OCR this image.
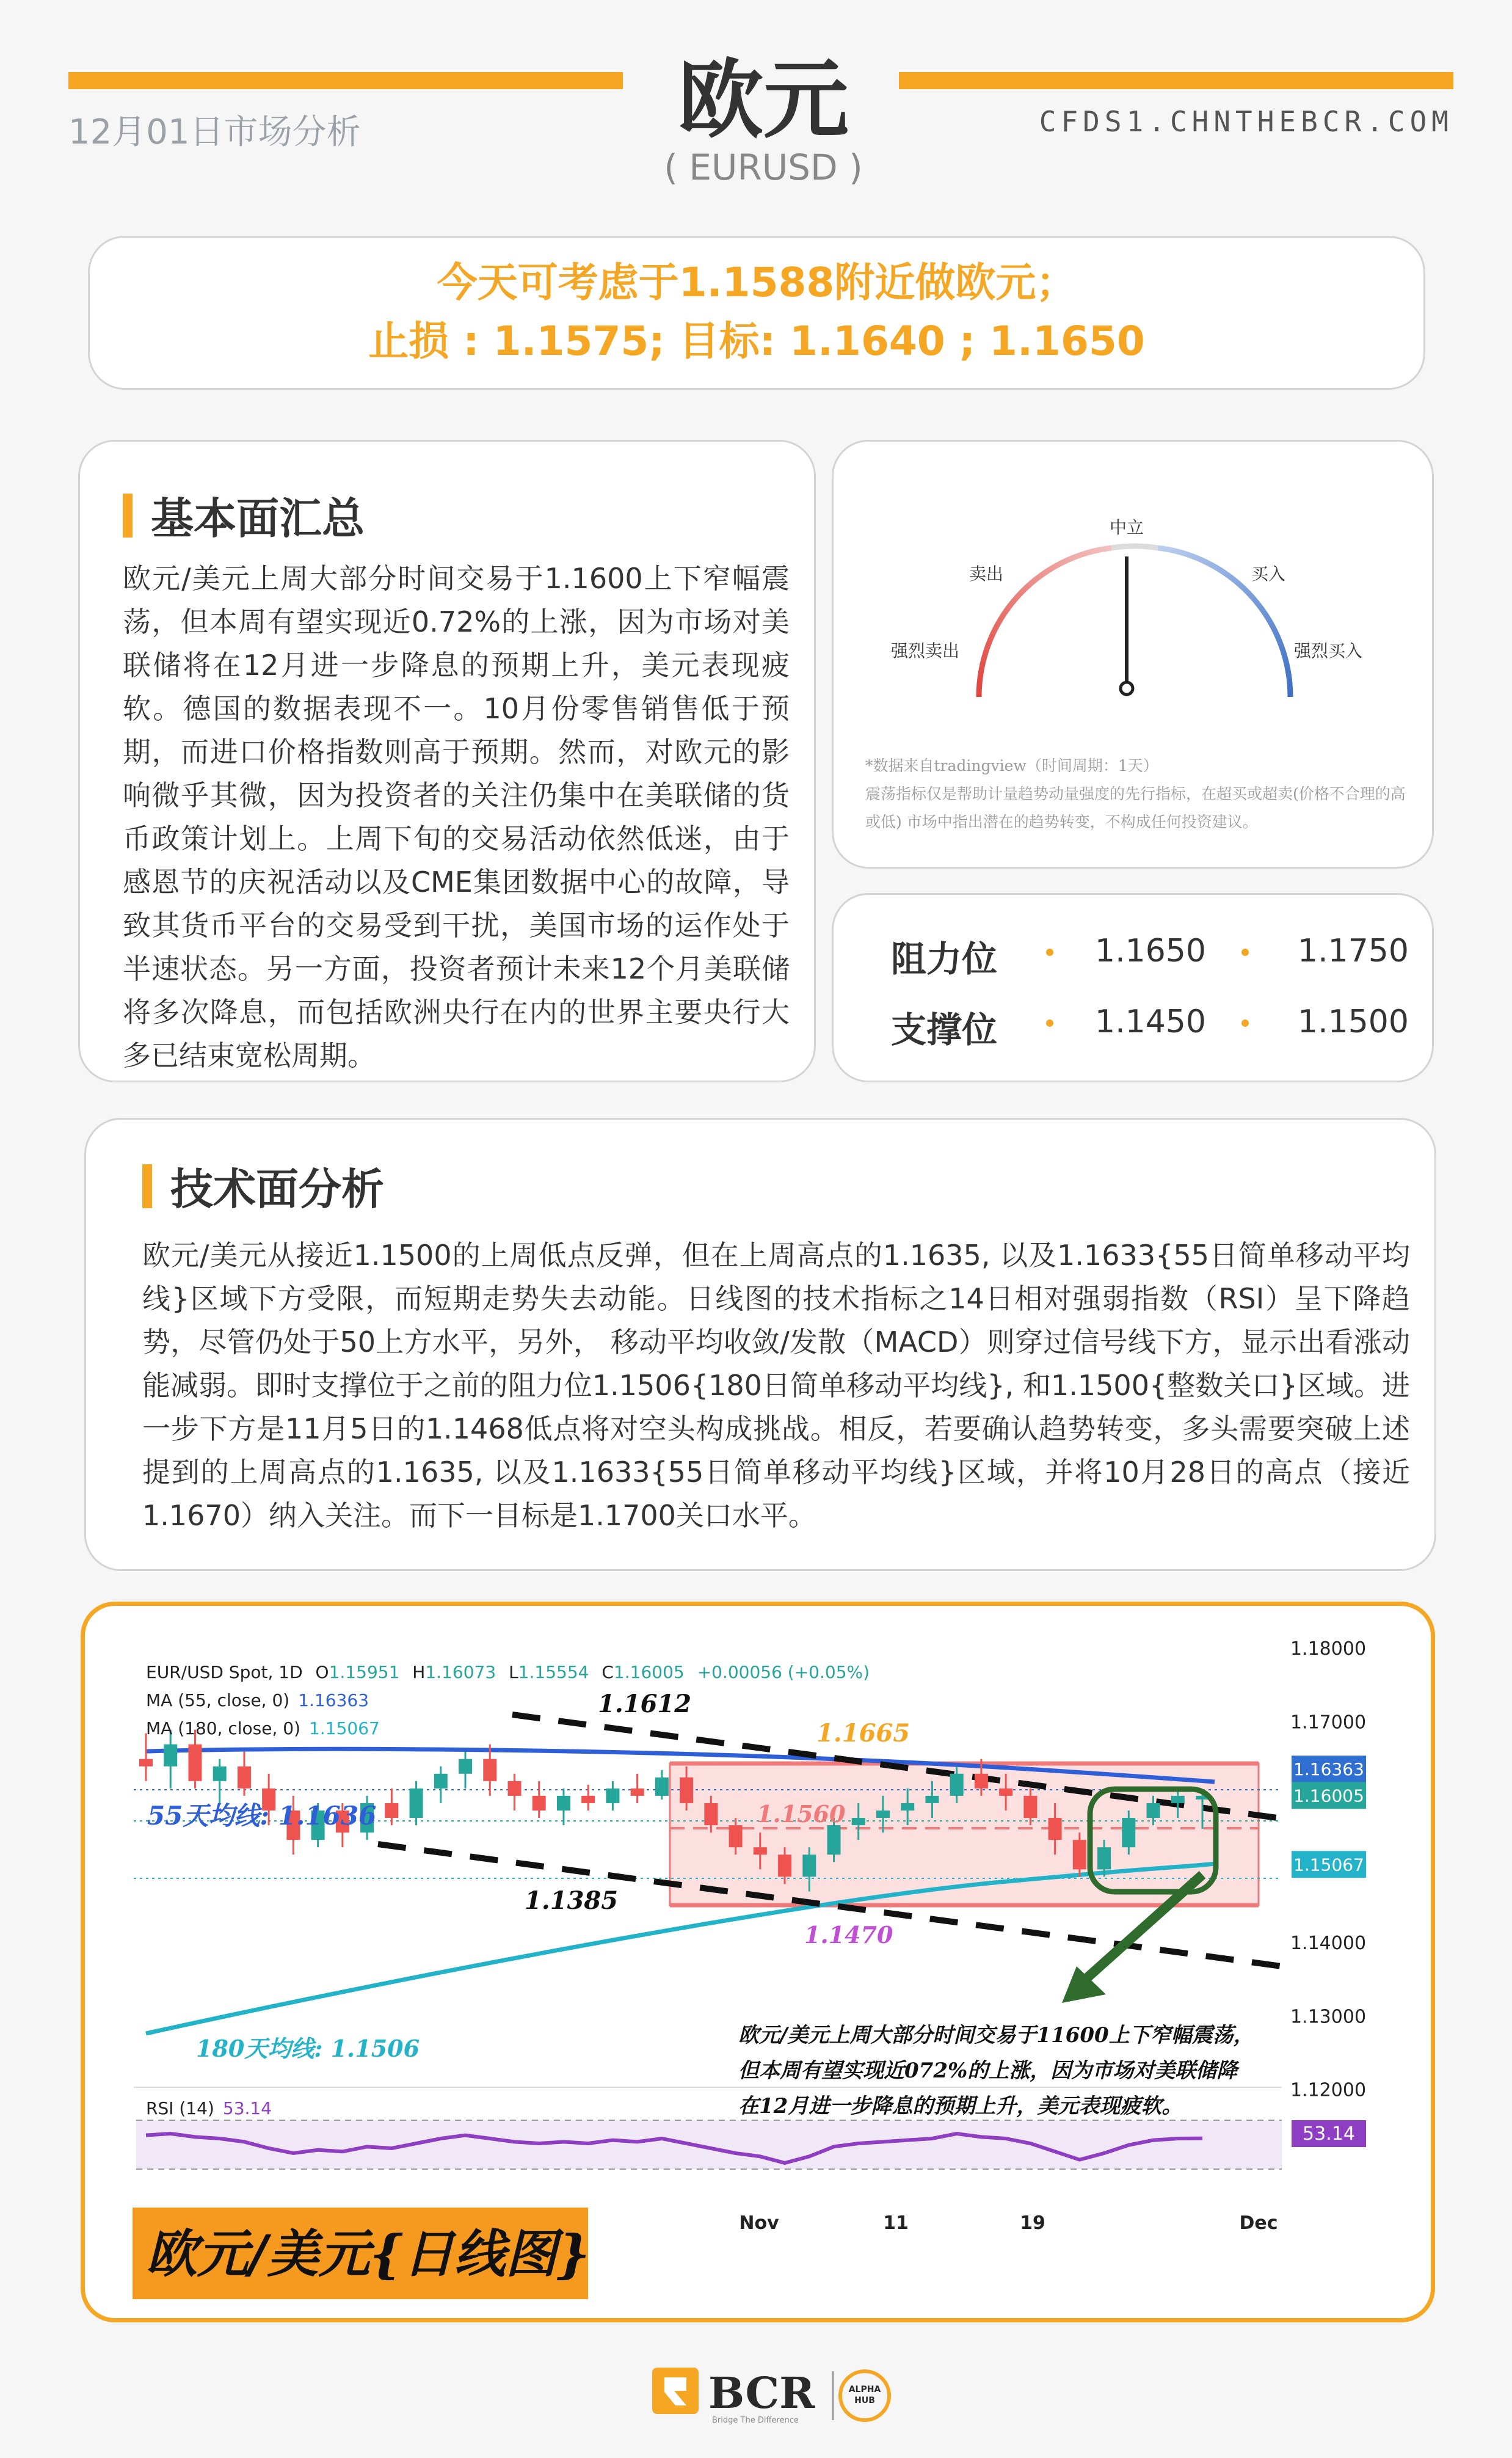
12月01日市场分析	欧元
( EURUSD )
CFDS1.CHNTHEBCR.COM
今天可考虑于1.1588附近做欧元；
止损 : 1.1575; 目标: 1.1640 ; 1.1650
基本面汇总
欧元/美元上周大部分时间交易于1.1600上下窄幅震荡，但本周有望实现近0.72%的上涨，因为市场对美联储将在12月进一步降息的预期上升，美元表现疲软。德国的数据表现不一。10月份零售销售低于预期，而进口价格指数则高于预期。然而，对欧元的影响微乎其微，因为投资者的关注仍集中在美联储的货币政策计划上。上周下旬的交易活动依然低迷，由于感恩节的庆祝活动以及CME集团数据中心的故障，导致其货币平台的交易受到干扰，美国市场的运作处于半速状态。另一方面，投资者预计未来12个月美联储将多次降息，而包括欧洲央行在内的世界主要央行大多已结束宽松周期。
中立
卖出	买入
强烈卖出	强烈买入
*数据来自tradingview（时间周期：1天）
震荡指标仅是帮助计量趋势动量强度的先行指标，在超买或超卖(价格不合理的高或低) 市场中指出潜在的趋势转变，不构成任何投资建议。
阻力位	1.1650	1.1750
支撑位	1.1450	1.1500
技术面分析
欧元/美元从接近1.1500的上周低点反弹，但在上周高点的1.1635, 以及1.1633{55日简单移动平均线}区域下方受限，而短期走势失去动能。日线图的技术指标之14日相对强弱指数（RSI）呈下降趋势，尽管仍处于50上方水平，另外， 移动平均收敛/发散（MACD）则穿过信号线下方，显示出看涨动能减弱。即时支撑位于之前的阻力位1.1506{180日简单移动平均线}, 和1.1500{整数关口}区域。进一步下方是11月5日的1.1468低点将对空头构成挑战。相反，若要确认趋势转变，多头需要突破上述提到的上周高点的1.1635, 以及1.1633{55日简单移动平均线}区域，并将10月28日的高点（接近1.1670）纳入关注。而下一目标是1.1700关口水平。
1.18000
1.17000
1.14000
1.13000
1.12000
1.16363
1.16005
1.15067
EUR/USD Spot, 1D O1.15951 H1.16073 L1.15554 C1.16005 +0.00056 (+0.05%)
MA (55, close, 0) 1.16363
MA (180, close, 0) 1.15067
55天均线: 1.1636
180天均线: 1.1506
1.1612
1.1385
1.1665
1.1560
1.1470
欧元/美元上周大部分时间交易于11600上下窄幅震荡，
但本周有望实现近072%的上涨，因为市场对美联储降
在12月进一步降息的预期上升，美元表现疲软。
RSI (14) 53.14
53.14
Nov	11	19	Dec
欧元/美元{日线图}
BCR
Bridge The Difference
ALPHA
HUB
